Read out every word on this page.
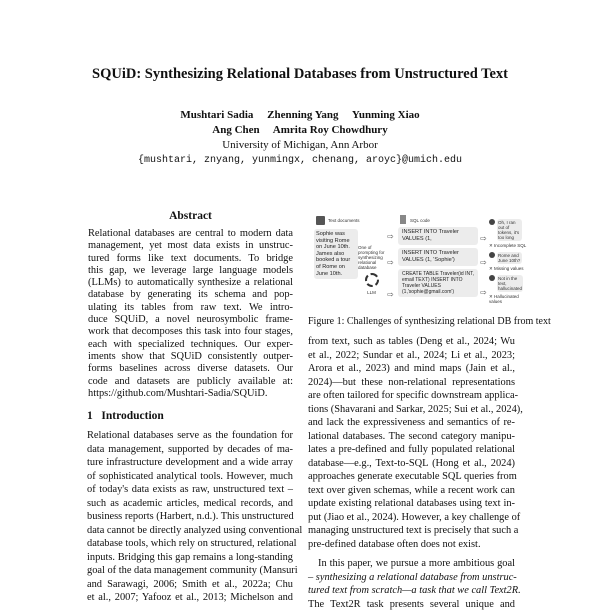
SQUiD: Synthesizing Relational Databases from Unstructured Text
Mushtari Sadia     Zhenning Yang     Yunming Xiao
Ang Chen     Amrita Roy Chowdhury
University of Michigan, Ann Arbor
{mushtari, znyang, yunmingx, chenang, aroyc}@umich.edu
Abstract
Relational databases are central to modern data
management, yet most data exists in unstruc-
tured forms like text documents. To bridge
this gap, we leverage large language models
(LLMs) to automatically synthesize a relational
database by generating its schema and pop-
ulating its tables from raw text. We intro-
duce SQUiD, a novel neurosymbolic frame-
work that decomposes this task into four stages,
each with specialized techniques. Our exper-
iments show that SQUiD consistently outper-
forms baselines across diverse datasets. Our
code and datasets are publicly available at:
https://github.com/Mushtari-Sadia/SQUiD.
1 Introduction
Relational databases serve as the foundation for
data management, supported by decades of ma-
ture infrastructure development and a wide array
of sophisticated analytical tools. However, much
of today's data exists as raw, unstructured text –
such as academic articles, medical records, and
business reports (Harbert, n.d.). This unstructured
data cannot be directly analyzed using conventional
database tools, which rely on structured, relational
inputs. Bridging this gap remains a long-standing
goal of the data management community (Mansuri
and Sarawagi, 2006; Smith et al., 2022a; Chu
et al., 2007; Yafooz et al., 2013; Michelson and
Text documents
Sophie was visiting Rome on June 10th. James also booked a tour of Rome on June 10th.
One of prompting for synthesizing relational database
LLM
⇨
⇨
⇨
SQL code
INSERT INTO Traveler VALUES (1,
INSERT INTO Traveler VALUES (1, 'Sophie')
CREATE TABLE Traveler(id INT, email TEXT) INSERT INTO Traveler VALUES (1,'sophie@gmail.com')
⇨
⇨
⇨
Oh, I ran out of tokens, it's too long
✕ Incomplete SQL
Rome and June 10th?
✕ Missing values
Not in the text, hallucinated
✕ Hallucinated values
Figure 1: Challenges of synthesizing relational DB from text
from text, such as tables (Deng et al., 2024; Wu
et al., 2022; Sundar et al., 2024; Li et al., 2023;
Arora et al., 2023) and mind maps (Jain et al.,
2024)—but these non-relational representations
are often tailored for specific downstream applica-
tions (Shavarani and Sarkar, 2025; Sui et al., 2024),
and lack the expressiveness and semantics of re-
lational databases. The second category manipu-
lates a pre-defined and fully populated relational
database—e.g., Text-to-SQL (Hong et al., 2024)
approaches generate executable SQL queries from
text over given schemas, while a recent work can
update existing relational databases using text in-
put (Jiao et al., 2024). However, a key challenge of
managing unstructured text is precisely that such a
pre-defined database often does not exist.
In this paper, we pursue a more ambitious goal
– synthesizing a relational database from unstruc-
tured text from scratch—a task that we call Text2R.
The Text2R task presents several unique and
